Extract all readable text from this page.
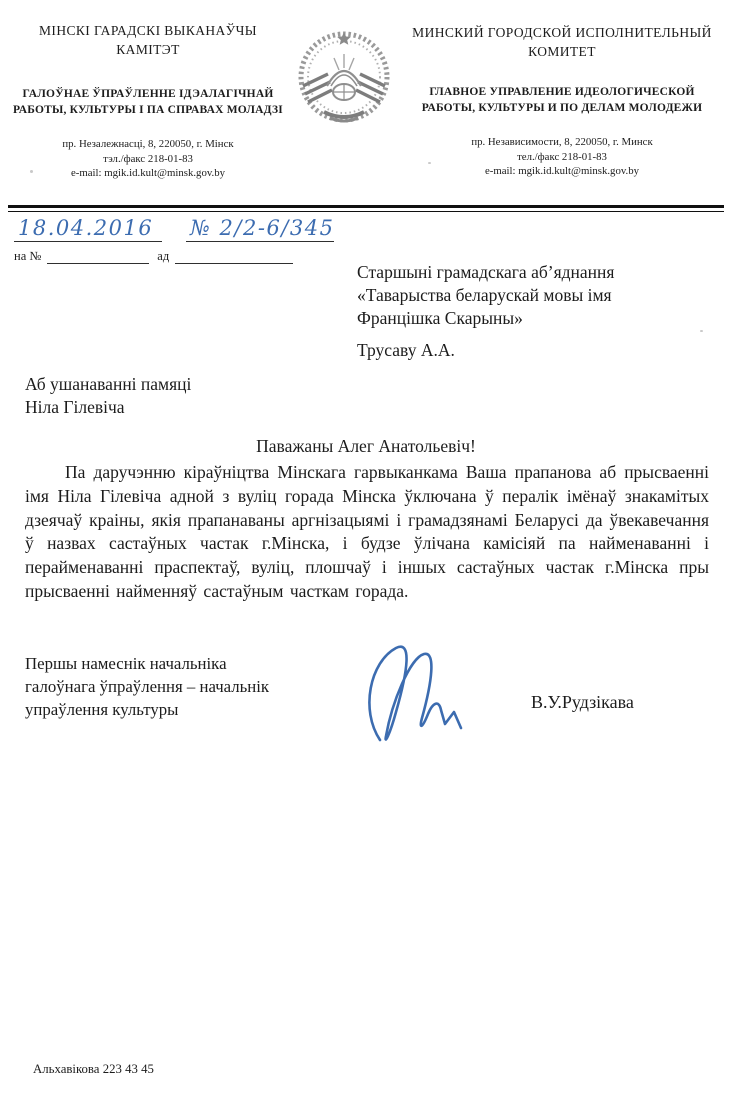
МІНСКІ ГАРАДСКІ ВЫКАНАЎЧЫ КАМІТЭТ
ГАЛОЎНАЕ ЎПРАЎЛЕННЕ ІДЭАЛАГІЧНАЙ РАБОТЫ, КУЛЬТУРЫ І ПА СПРАВАХ МОЛАДЗІ
пр. Незалежнасці, 8, 220050, г. Мінск
тэл./факс 218-01-83
e-mail: mgik.id.kult@minsk.gov.by
МИНСКИЙ ГОРОДСКОЙ ИСПОЛНИТЕЛЬНЫЙ КОМИТЕТ
ГЛАВНОЕ УПРАВЛЕНИЕ ИДЕОЛОГИЧЕСКОЙ РАБОТЫ, КУЛЬТУРЫ И ПО ДЕЛАМ МОЛОДЕЖИ
пр. Независимости, 8, 220050, г. Минск
тел./факс 218-01-83
e-mail: mgik.id.kult@minsk.gov.by
18.04.2016	№ 2/2-6/345
на №	ад
Старшыні грамадскага аб’яднання
«Таварыства беларускай мовы імя
Францішка Скарыны»
Трусаву А.А.
Аб ушанаванні памяці
Ніла Гілевіча
Паважаны Алег Анатольевіч!
Па даручэнню кіраўніцтва Мінскага гарвыканкама Ваша прапанова аб прысваенні імя Ніла Гілевіча адной з вуліц горада Мінска ўключана ў пералік імёнаў знакамітых дзеячаў краіны, якія прапанаваны аргнізацыямі і грамадзянамі Беларусі да ўвекавечання ў назвах састаўных частак г.Мінска, і будзе ўлічана камісіяй па найменаванні і перайменаванні праспектаў, вуліц, плошчаў і іншых састаўных частак г.Мінска пры прысваенні найменняў састаўным часткам горада.
Першы намеснік начальніка
галоўнага ўпраўлення – начальнік
упраўлення культуры	В.У.Рудзікава
Альхавікова 223 43 45
